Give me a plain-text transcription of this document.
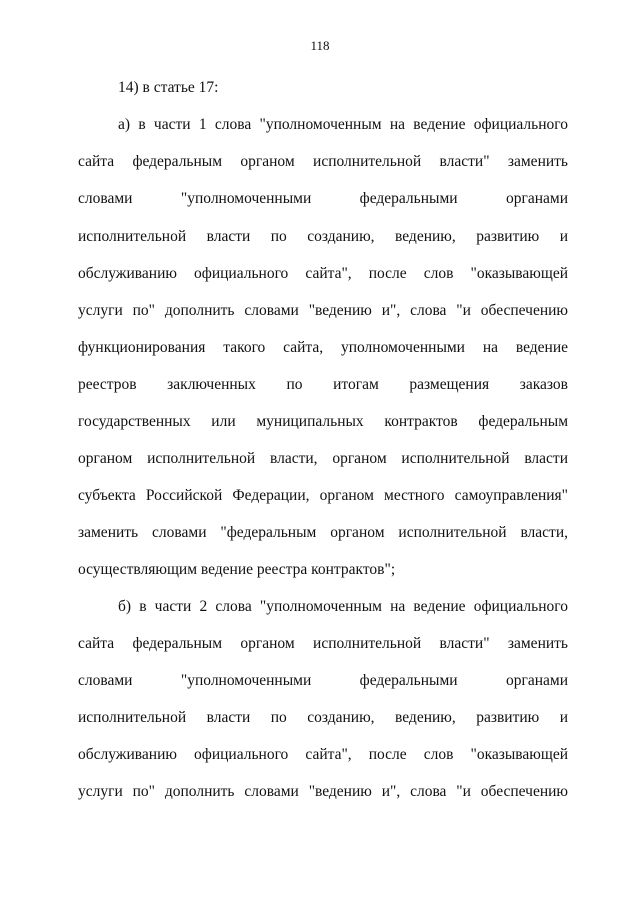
118
14) в статье 17:
а) в части 1 слова "уполномоченным на ведение официального
сайта федеральным органом исполнительной власти" заменить
словами "уполномоченными федеральными органами
исполнительной власти по созданию, ведению, развитию и
обслуживанию официального сайта", после слов "оказывающей
услуги по" дополнить словами "ведению и", слова "и обеспечению
функционирования такого сайта, уполномоченными на ведение
реестров заключенных по итогам размещения заказов
государственных или муниципальных контрактов федеральным
органом исполнительной власти, органом исполнительной власти
субъекта Российской Федерации, органом местного самоуправления"
заменить словами "федеральным органом исполнительной власти,
осуществляющим ведение реестра контрактов";
б) в части 2 слова "уполномоченным на ведение официального
сайта федеральным органом исполнительной власти" заменить
словами "уполномоченными федеральными органами
исполнительной власти по созданию, ведению, развитию и
обслуживанию официального сайта", после слов "оказывающей
услуги по" дополнить словами "ведению и", слова "и обеспечению
